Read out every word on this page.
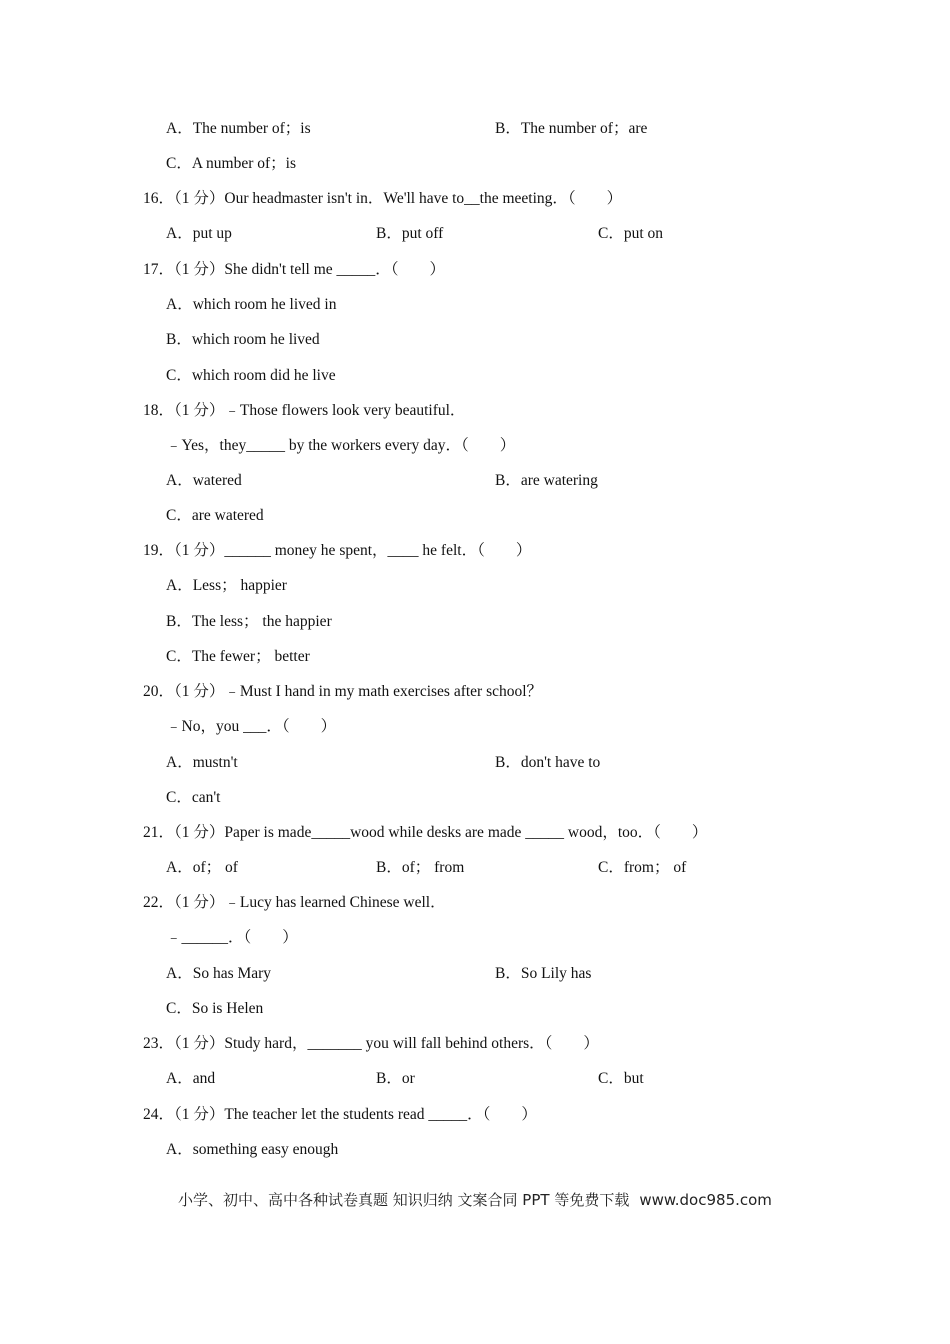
A．The number of；is	B．The number of；are
C．A number of；is
16．（1 分）Our headmaster isn't in．We'll have to__the meeting．（　　）
A．put up	B．put off	C．put on
17．（1 分）She didn't tell me _____．（　　）
A．which room he lived in
B．which room he lived
C．which room did he live
18．（1 分）﹣Those flowers look very beautiful．
﹣Yes，they_____ by the workers every day．（　　）
A．watered	B．are watering
C．are watered
19．（1 分）______ money he spent，____ he felt．（　　）
A．Less； happier
B．The less； the happier
C．The fewer； better
20．（1 分）﹣Must I hand in my math exercises after school？
﹣No，you ___．（　　）
A．mustn't	B．don't have to
C．can't
21．（1 分）Paper is made_____wood while desks are made _____ wood，too．（　　）
A．of； of	B．of； from	C．from； of
22．（1 分）﹣Lucy has learned Chinese well．
﹣______．（　　）
A．So has Mary	B．So Lily has
C．So is Helen
23．（1 分）Study hard，_______ you will fall behind others．（　　）
A．and	B．or	C．but
24．（1 分）The teacher let the students read _____．（　　）
A．something easy enough
小学、初中、高中各种试卷真题 知识归纳 文案合同 PPT 等免费下载 www.doc985.com
